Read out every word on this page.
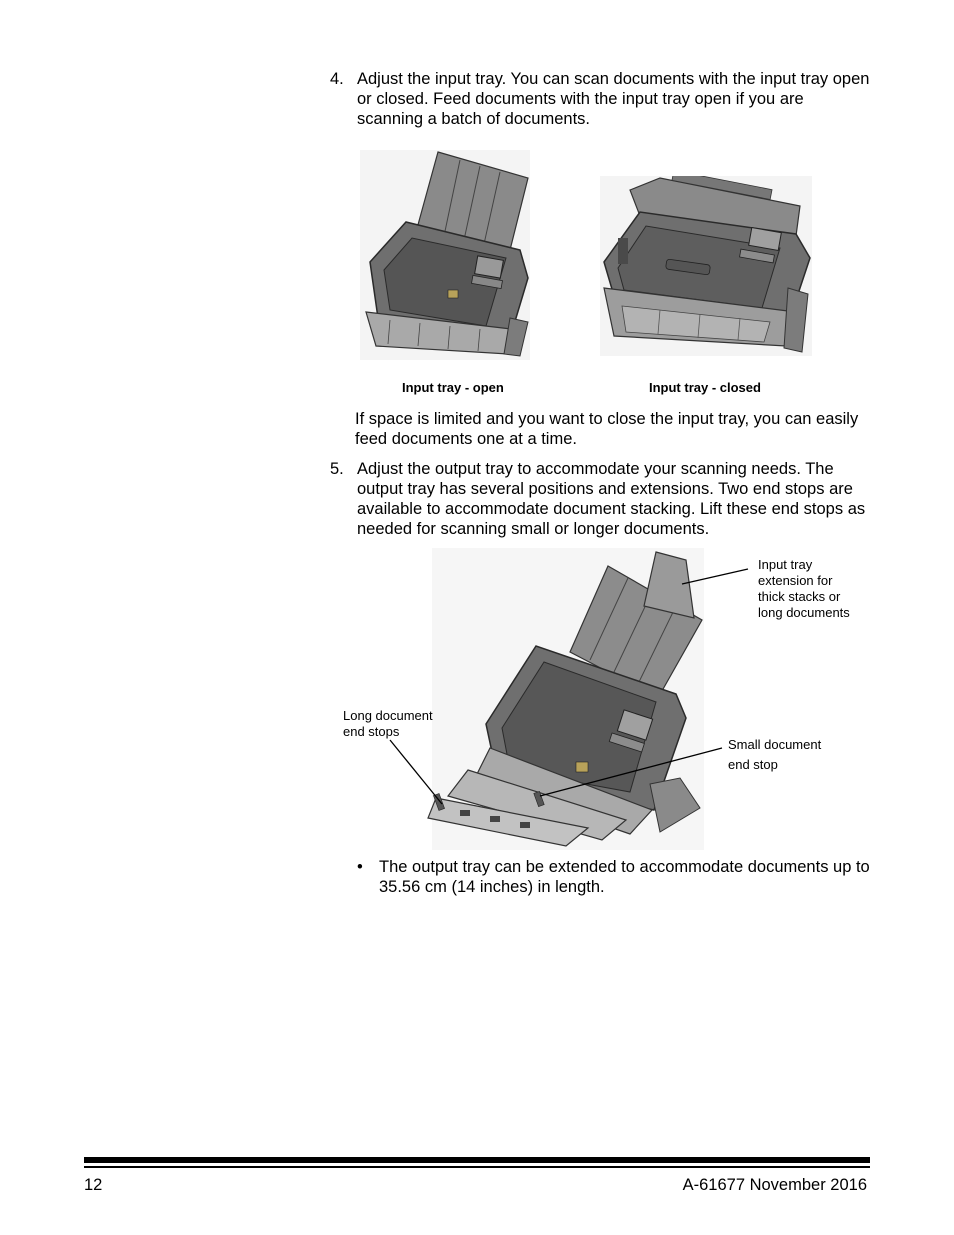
4. Adjust the input tray. You can scan documents with the input tray open or closed. Feed documents with the input tray open if you are scanning a batch of documents.
Input tray - open	Input tray - closed
If space is limited and you want to close the input tray, you can easily feed documents one at a time.
5. Adjust the output tray to accommodate your scanning needs. The output tray has several positions and extensions. Two end stops are available to accommodate document stacking. Lift these end stops as needed for scanning small or longer documents.
Input tray
extension for
thick stacks or
long documents
Long document
end stops
Small document
end stop
• The output tray can be extended to accommodate documents up to 35.56 cm (14 inches) in length.
12	A-61677 November 2016
